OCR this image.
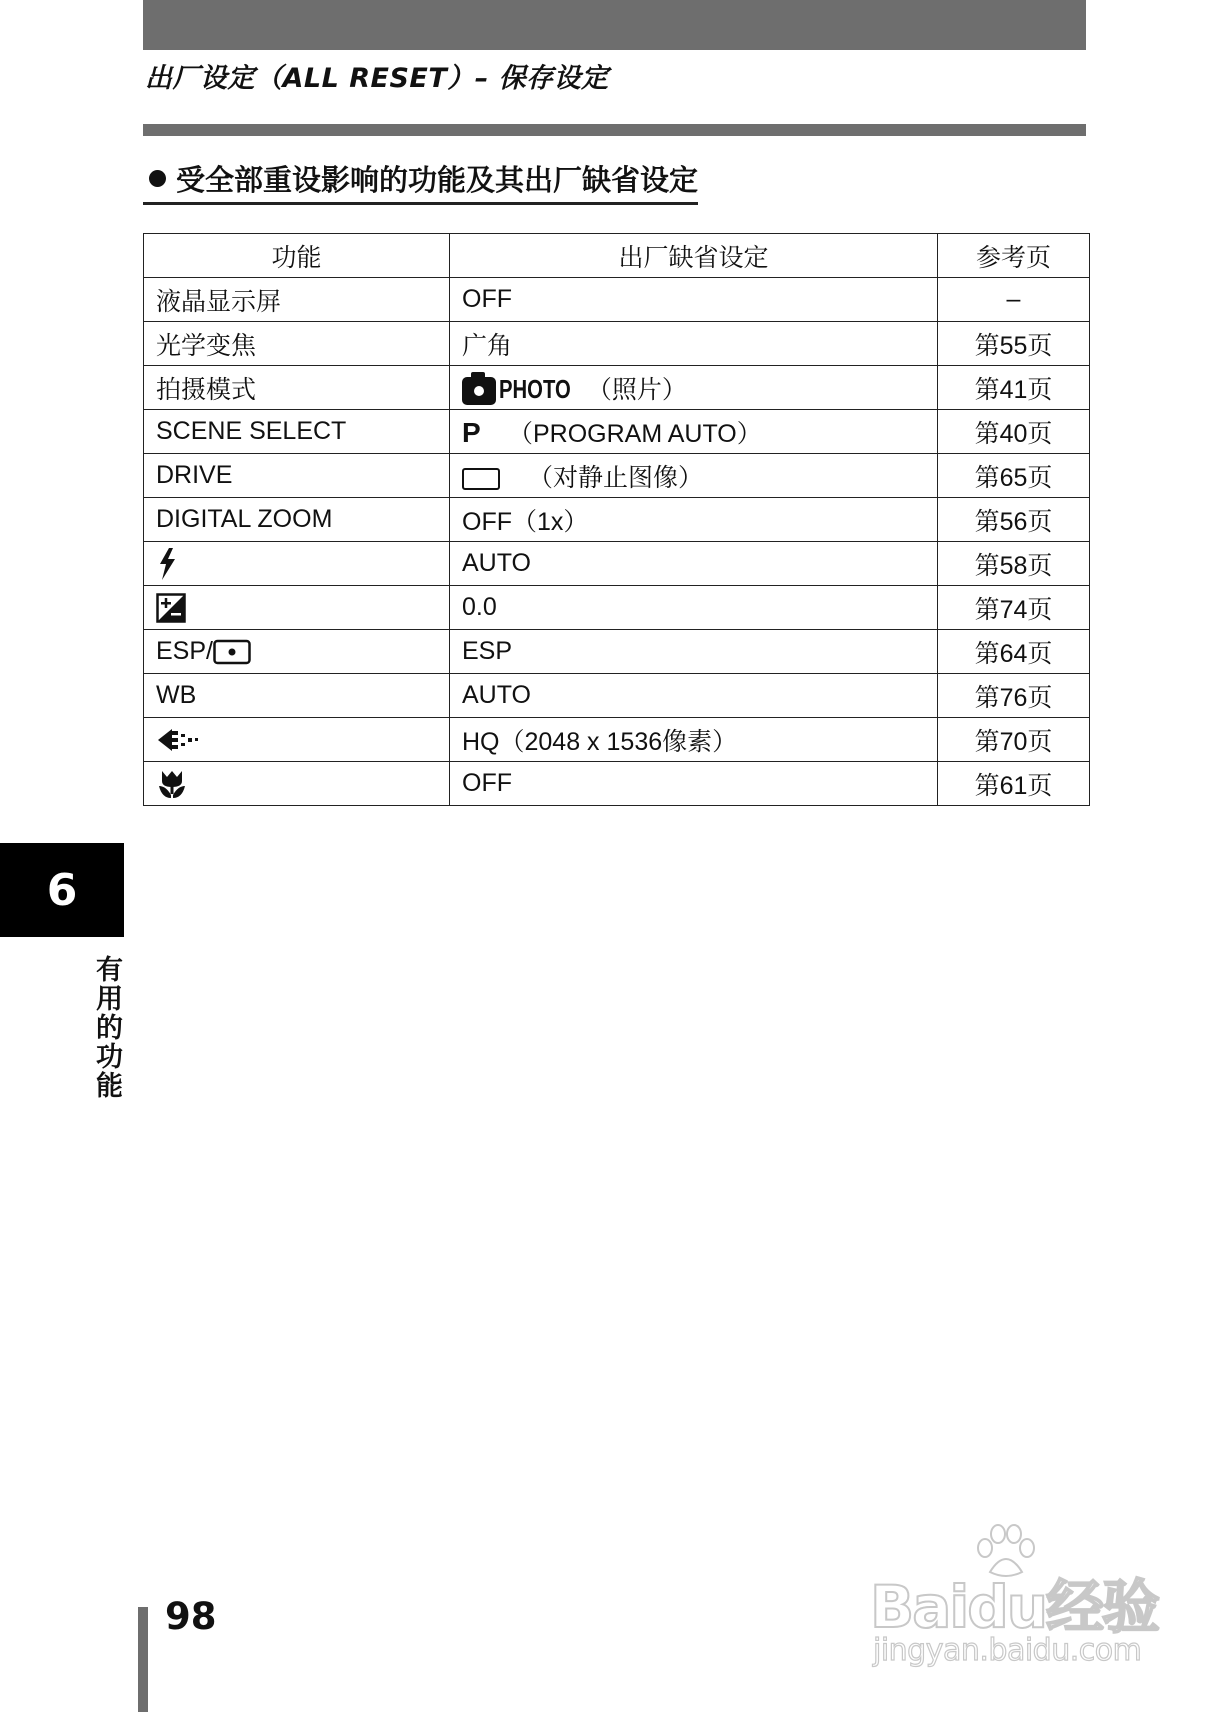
出厂设定（ALL RESET）– 保存设定
受全部重设影响的功能及其出厂缺省设定
功能	出厂缺省设定	参考页
液晶显示屏	OFF	–
光学变焦	广角	第55页
拍摄模式	PHOTO （照片）	第41页
SCENE SELECT	P （PROGRAM AUTO）	第40页
DRIVE	（对静止图像）	第65页
DIGITAL ZOOM	OFF（1x）	第56页
	AUTO	第58页
	0.0	第74页
ESP/	ESP	第64页
WB	AUTO	第76页
	HQ（2048 x 1536像素）	第70页
	OFF	第61页
6
有用的功能
98	Baidu经验
jingyan.baidu.com
